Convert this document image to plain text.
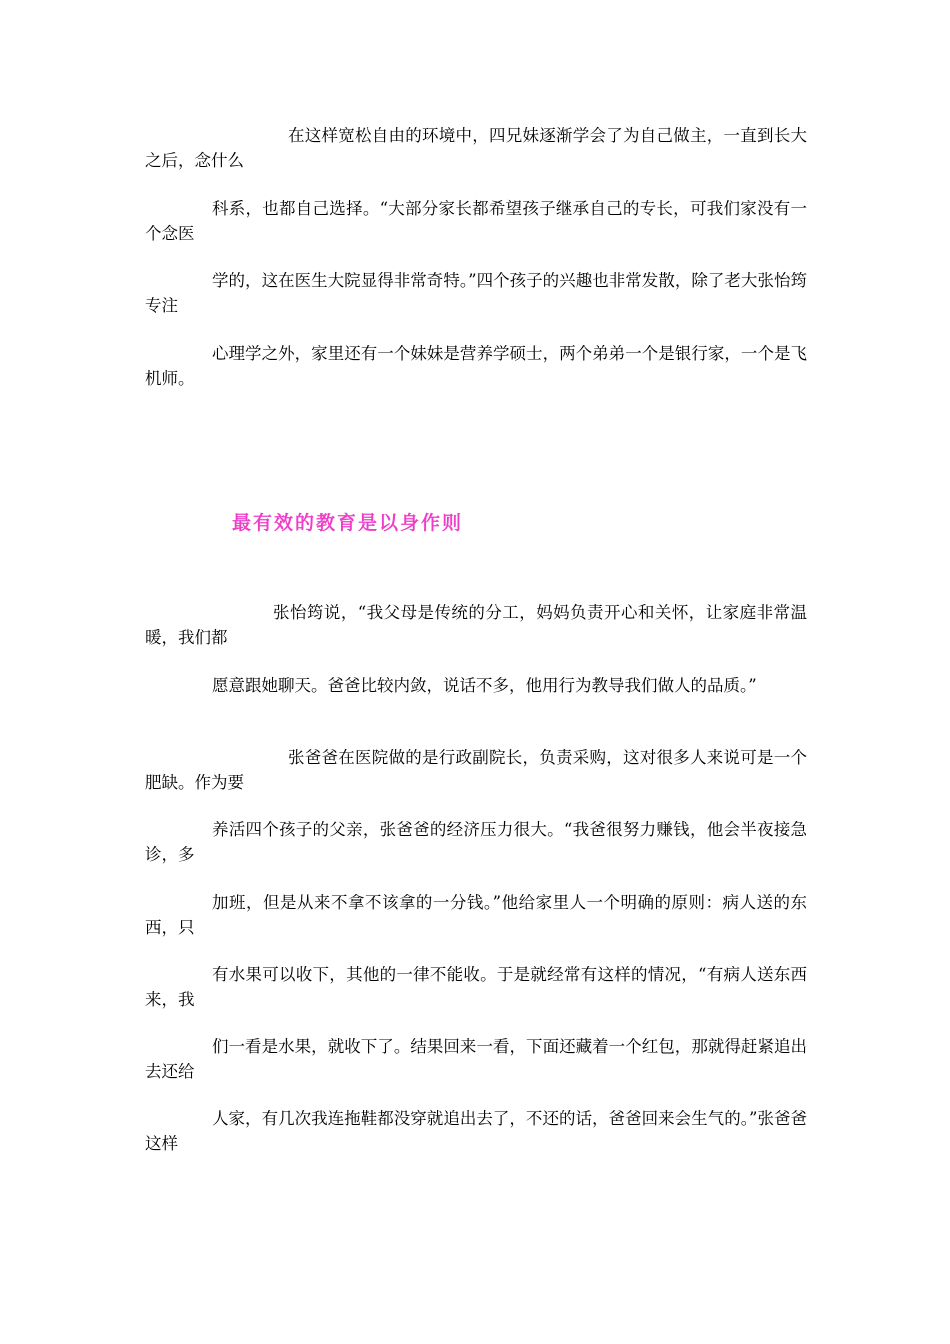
在这样宽松自由的环境中，四兄妹逐渐学会了为自己做主，一直到长大之后，念什么

科系，也都自己选择。“大部分家长都希望孩子继承自己的专长，可我们家没有一个念医

学的，这在医生大院显得非常奇特。”四个孩子的兴趣也非常发散，除了老大张怡筠专注

心理学之外，家里还有一个妹妹是营养学硕士，两个弟弟一个是银行家，一个是飞机师。

最有效的教育是以身作则

张怡筠说，“我父母是传统的分工，妈妈负责开心和关怀，让家庭非常温暖，我们都

愿意跟她聊天。爸爸比较内敛，说话不多，他用行为教导我们做人的品质。”

张爸爸在医院做的是行政副院长，负责采购，这对很多人来说可是一个肥缺。作为要

养活四个孩子的父亲，张爸爸的经济压力很大。“我爸很努力赚钱，他会半夜接急诊，多

加班，但是从来不拿不该拿的一分钱。”他给家里人一个明确的原则：病人送的东西，只

有水果可以收下，其他的一律不能收。于是就经常有这样的情况，“有病人送东西来，我

们一看是水果，就收下了。结果回来一看，下面还藏着一个红包，那就得赶紧追出去还给

人家，有几次我连拖鞋都没穿就追出去了，不还的话，爸爸回来会生气的。”张爸爸这样
